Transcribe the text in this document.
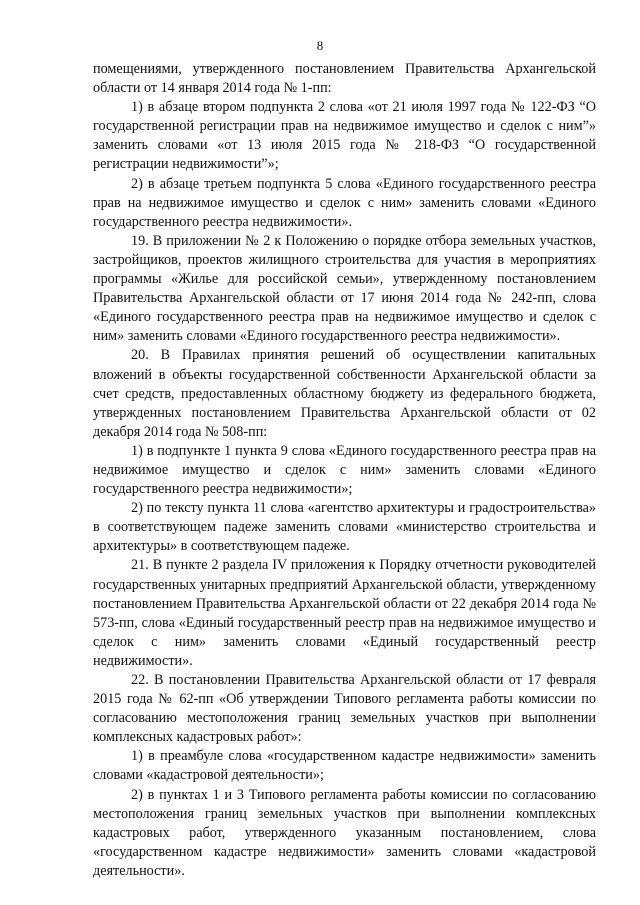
8

помещениями, утвержденного постановлением Правительства Архангельской области от 14 января 2014 года № 1-пп:

1) в абзаце втором подпункта 2 слова «от 21 июля 1997 года № 122-ФЗ “О государственной регистрации прав на недвижимое имущество и сделок с ним”» заменить словами «от 13 июля 2015 года № 218-ФЗ “О государственной регистрации недвижимости”»;

2) в абзаце третьем подпункта 5 слова «Единого государственного реестра прав на недвижимое имущество и сделок с ним» заменить словами «Единого государственного реестра недвижимости».

19. В приложении № 2 к Положению о порядке отбора земельных участков, застройщиков, проектов жилищного строительства для участия в мероприятиях программы «Жилье для российской семьи», утвержденному постановлением Правительства Архангельской области от 17 июня 2014 года № 242-пп, слова «Единого государственного реестра прав на недвижимое имущество и сделок с ним» заменить словами «Единого государственного реестра недвижимости».

20. В Правилах принятия решений об осуществлении капитальных вложений в объекты государственной собственности Архангельской области за счет средств, предоставленных областному бюджету из федерального бюджета, утвержденных постановлением Правительства Архангельской области от 02 декабря 2014 года № 508-пп:

1) в подпункте 1 пункта 9 слова «Единого государственного реестра прав на недвижимое имущество и сделок с ним» заменить словами «Единого государственного реестра недвижимости»;

2) по тексту пункта 11 слова «агентство архитектуры и градостроительства» в соответствующем падеже заменить словами «министерство строительства и архитектуры» в соответствующем падеже.

21. В пункте 2 раздела IV приложения к Порядку отчетности руководителей государственных унитарных предприятий Архангельской области, утвержденному постановлением Правительства Архангельской области от 22 декабря 2014 года № 573-пп, слова «Единый государственный реестр прав на недвижимое имущество и сделок с ним» заменить словами «Единый государственный реестр недвижимости».

22. В постановлении Правительства Архангельской области от 17 февраля 2015 года № 62-пп «Об утверждении Типового регламента работы комиссии по согласованию местоположения границ земельных участков при выполнении комплексных кадастровых работ»:

1) в преамбуле слова «государственном кадастре недвижимости» заменить словами «кадастровой деятельности»;

2) в пунктах 1 и 3 Типового регламента работы комиссии по согласованию местоположения границ земельных участков при выполнении комплексных кадастровых работ, утвержденного указанным постановлением, слова «государственном кадастре недвижимости» заменить словами «кадастровой деятельности».
